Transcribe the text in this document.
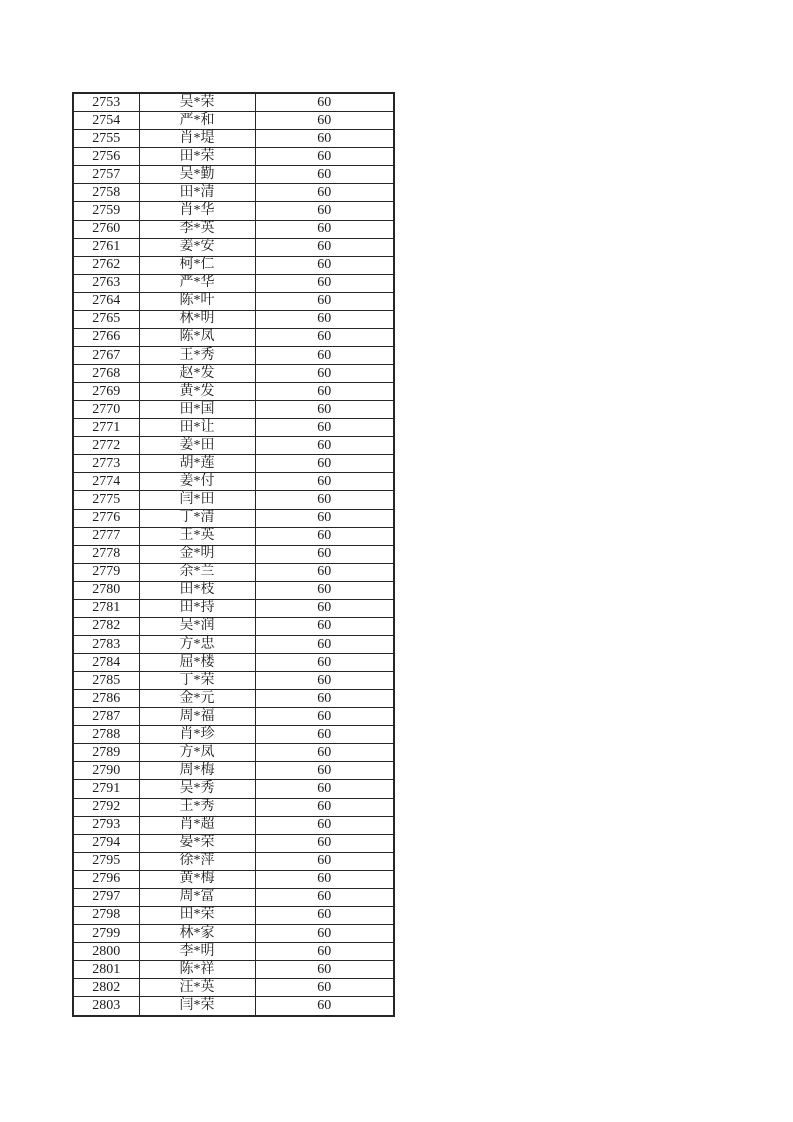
2753	吴*荣	60
2754	严*和	60
2755	肖*堤	60
2756	田*荣	60
2757	吴*勤	60
2758	田*清	60
2759	肖*华	60
2760	李*英	60
2761	姜*安	60
2762	柯*仁	60
2763	严*华	60
2764	陈*叶	60
2765	林*明	60
2766	陈*凤	60
2767	王*秀	60
2768	赵*发	60
2769	黄*发	60
2770	田*国	60
2771	田*让	60
2772	姜*田	60
2773	胡*莲	60
2774	姜*付	60
2775	闫*田	60
2776	丁*清	60
2777	王*英	60
2778	金*明	60
2779	余*兰	60
2780	田*枝	60
2781	田*持	60
2782	吴*润	60
2783	方*忠	60
2784	屈*楼	60
2785	丁*荣	60
2786	金*元	60
2787	周*福	60
2788	肖*珍	60
2789	方*凤	60
2790	周*梅	60
2791	吴*秀	60
2792	王*秀	60
2793	肖*超	60
2794	晏*荣	60
2795	徐*萍	60
2796	黄*梅	60
2797	周*富	60
2798	田*荣	60
2799	林*家	60
2800	李*明	60
2801	陈*祥	60
2802	汪*英	60
2803	闫*荣	60
